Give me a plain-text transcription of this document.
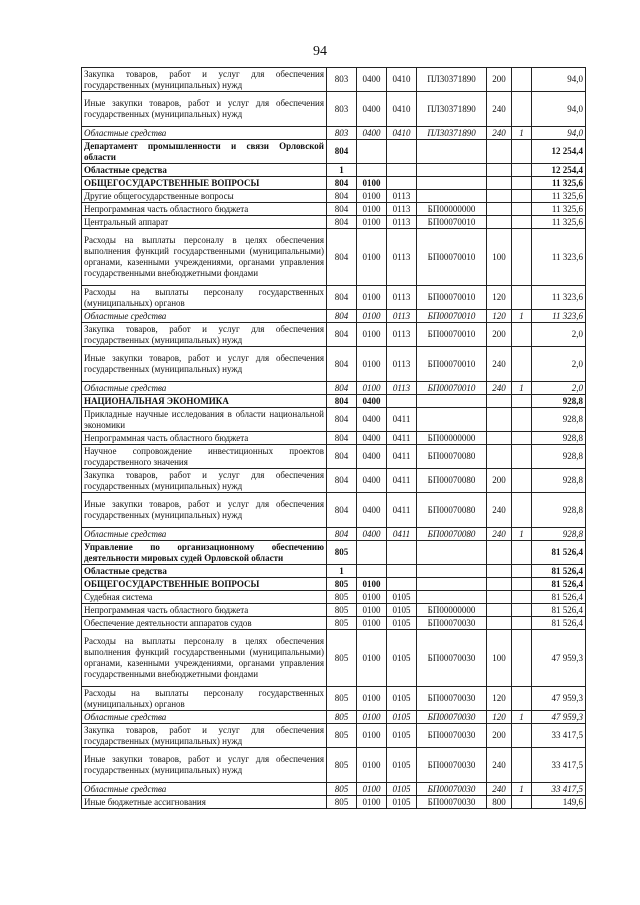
94
Закупка товаров, работ и услуг для обеспечения государственных (муниципальных) нужд	803	0400	0410	ПЛ30371890	200		94,0
Иные закупки товаров, работ и услуг для обеспечения государственных (муниципальных) нужд	803	0400	0410	ПЛ30371890	240		94,0
Областные средства	803	0400	0410	ПЛ30371890	240	1	94,0
Департамент промышленности и связи Орловской области	804						12 254,4
Областные средства	1						12 254,4
ОБЩЕГОСУДАРСТВЕННЫЕ ВОПРОСЫ	804	0100					11 325,6
Другие общегосударственные вопросы	804	0100	0113				11 325,6
Непрограммная часть областного бюджета	804	0100	0113	БП00000000			11 325,6
Центральный аппарат	804	0100	0113	БП00070010			11 325,6
Расходы на выплаты персоналу в целях обеспечения выполнения функций государственными (муниципальными) органами, казенными учреждениями, органами управления государственными внебюджетными фондами	804	0100	0113	БП00070010	100		11 323,6
Расходы на выплаты персоналу государственных (муниципальных) органов	804	0100	0113	БП00070010	120		11 323,6
Областные средства	804	0100	0113	БП00070010	120	1	11 323,6
Закупка товаров, работ и услуг для обеспечения государственных (муниципальных) нужд	804	0100	0113	БП00070010	200		2,0
Иные закупки товаров, работ и услуг для обеспечения государственных (муниципальных) нужд	804	0100	0113	БП00070010	240		2,0
Областные средства	804	0100	0113	БП00070010	240	1	2,0
НАЦИОНАЛЬНАЯ ЭКОНОМИКА	804	0400					928,8
Прикладные научные исследования в области национальной экономики	804	0400	0411				928,8
Непрограммная часть областного бюджета	804	0400	0411	БП00000000			928,8
Научное сопровождение инвестиционных проектов государственного значения	804	0400	0411	БП00070080			928,8
Закупка товаров, работ и услуг для обеспечения государственных (муниципальных) нужд	804	0400	0411	БП00070080	200		928,8
Иные закупки товаров, работ и услуг для обеспечения государственных (муниципальных) нужд	804	0400	0411	БП00070080	240		928,8
Областные средства	804	0400	0411	БП00070080	240	1	928,8
Управление по организационному обеспечению деятельности мировых судей Орловской области	805						81 526,4
Областные средства	1						81 526,4
ОБЩЕГОСУДАРСТВЕННЫЕ ВОПРОСЫ	805	0100					81 526,4
Судебная система	805	0100	0105				81 526,4
Непрограммная часть областного бюджета	805	0100	0105	БП00000000			81 526,4
Обеспечение деятельности аппаратов судов	805	0100	0105	БП00070030			81 526,4
Расходы на выплаты персоналу в целях обеспечения выполнения функций государственными (муниципальными) органами, казенными учреждениями, органами управления государственными внебюджетными фондами	805	0100	0105	БП00070030	100		47 959,3
Расходы на выплаты персоналу государственных (муниципальных) органов	805	0100	0105	БП00070030	120		47 959,3
Областные средства	805	0100	0105	БП00070030	120	1	47 959,3
Закупка товаров, работ и услуг для обеспечения государственных (муниципальных) нужд	805	0100	0105	БП00070030	200		33 417,5
Иные закупки товаров, работ и услуг для обеспечения государственных (муниципальных) нужд	805	0100	0105	БП00070030	240		33 417,5
Областные средства	805	0100	0105	БП00070030	240	1	33 417,5
Иные бюджетные ассигнования	805	0100	0105	БП00070030	800		149,6
